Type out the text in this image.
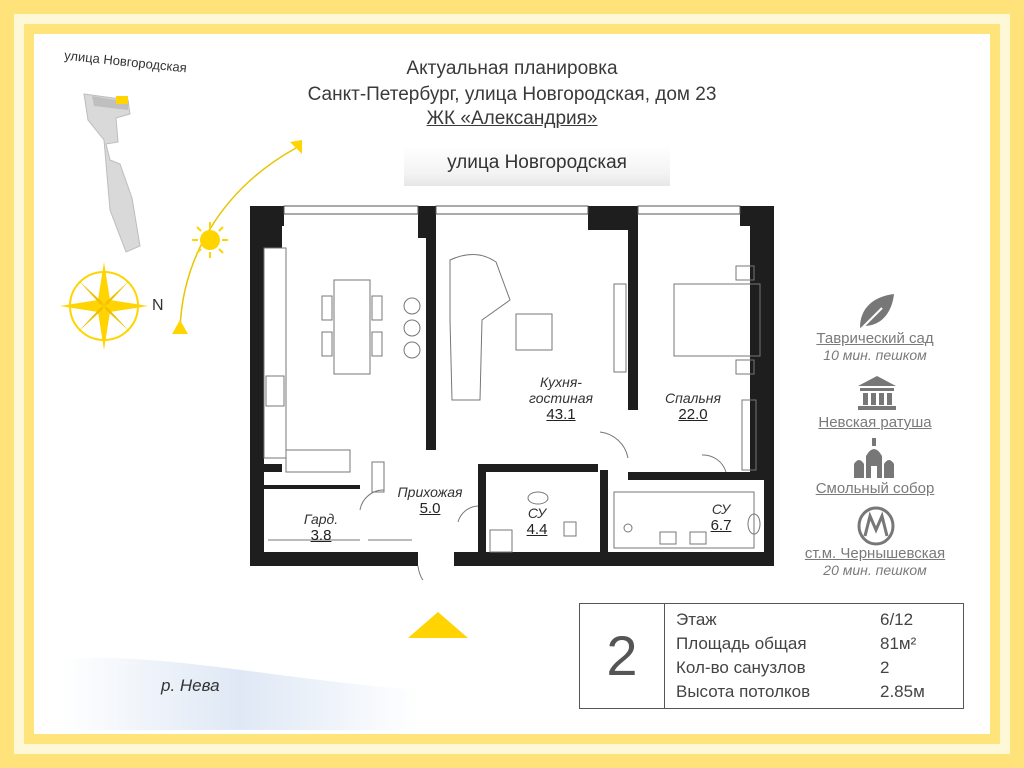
Актуальная планировка
Санкт-Петербург, улица Новгородская, дом 23
ЖК «Александрия»
улица Новгородская
улица Новгородская
N
Кухня-
гостиная
43.1
Спальня
22.0
Прихожая
5.0
Гард.
3.8
СУ
4.4
СУ
6.7
Таврический сад
10 мин. пешком
Невская ратуша
Смольный собор
ст.м. Чернышевская
20 мин. пешком
2
Этаж	6/12
Площадь общая	81м²
Кол-во санузлов	2
Высота потолков	2.85м
р. Нева
